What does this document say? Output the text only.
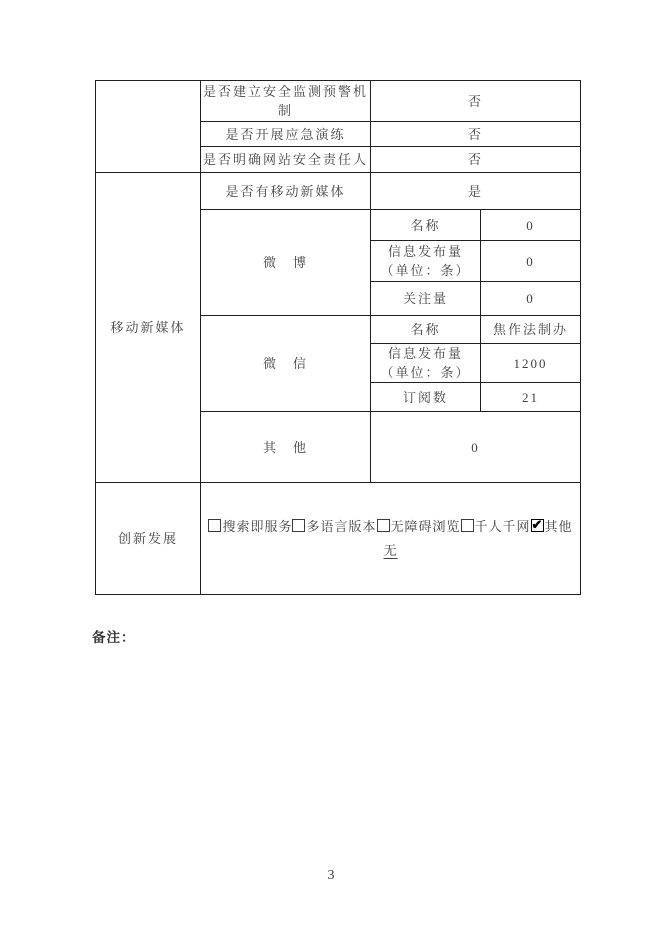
	是否建立安全监测预警机制	否	
	是否开展应急演练	否	
	是否明确网站安全责任人	否	
移动新媒体	是否有移动新媒体	是	
	微　博	名称	0

		信息发布量
（单位：条）	0
		关注量	0
	微　信	名称	焦作法制办

		信息发布量
（单位：条）	1200
		订阅数	21
	其　他	0	
创新发展	搜索即服务 多语言版本 无障碍浏览 千人千网 ✔ 其他
无		
备注：
3
